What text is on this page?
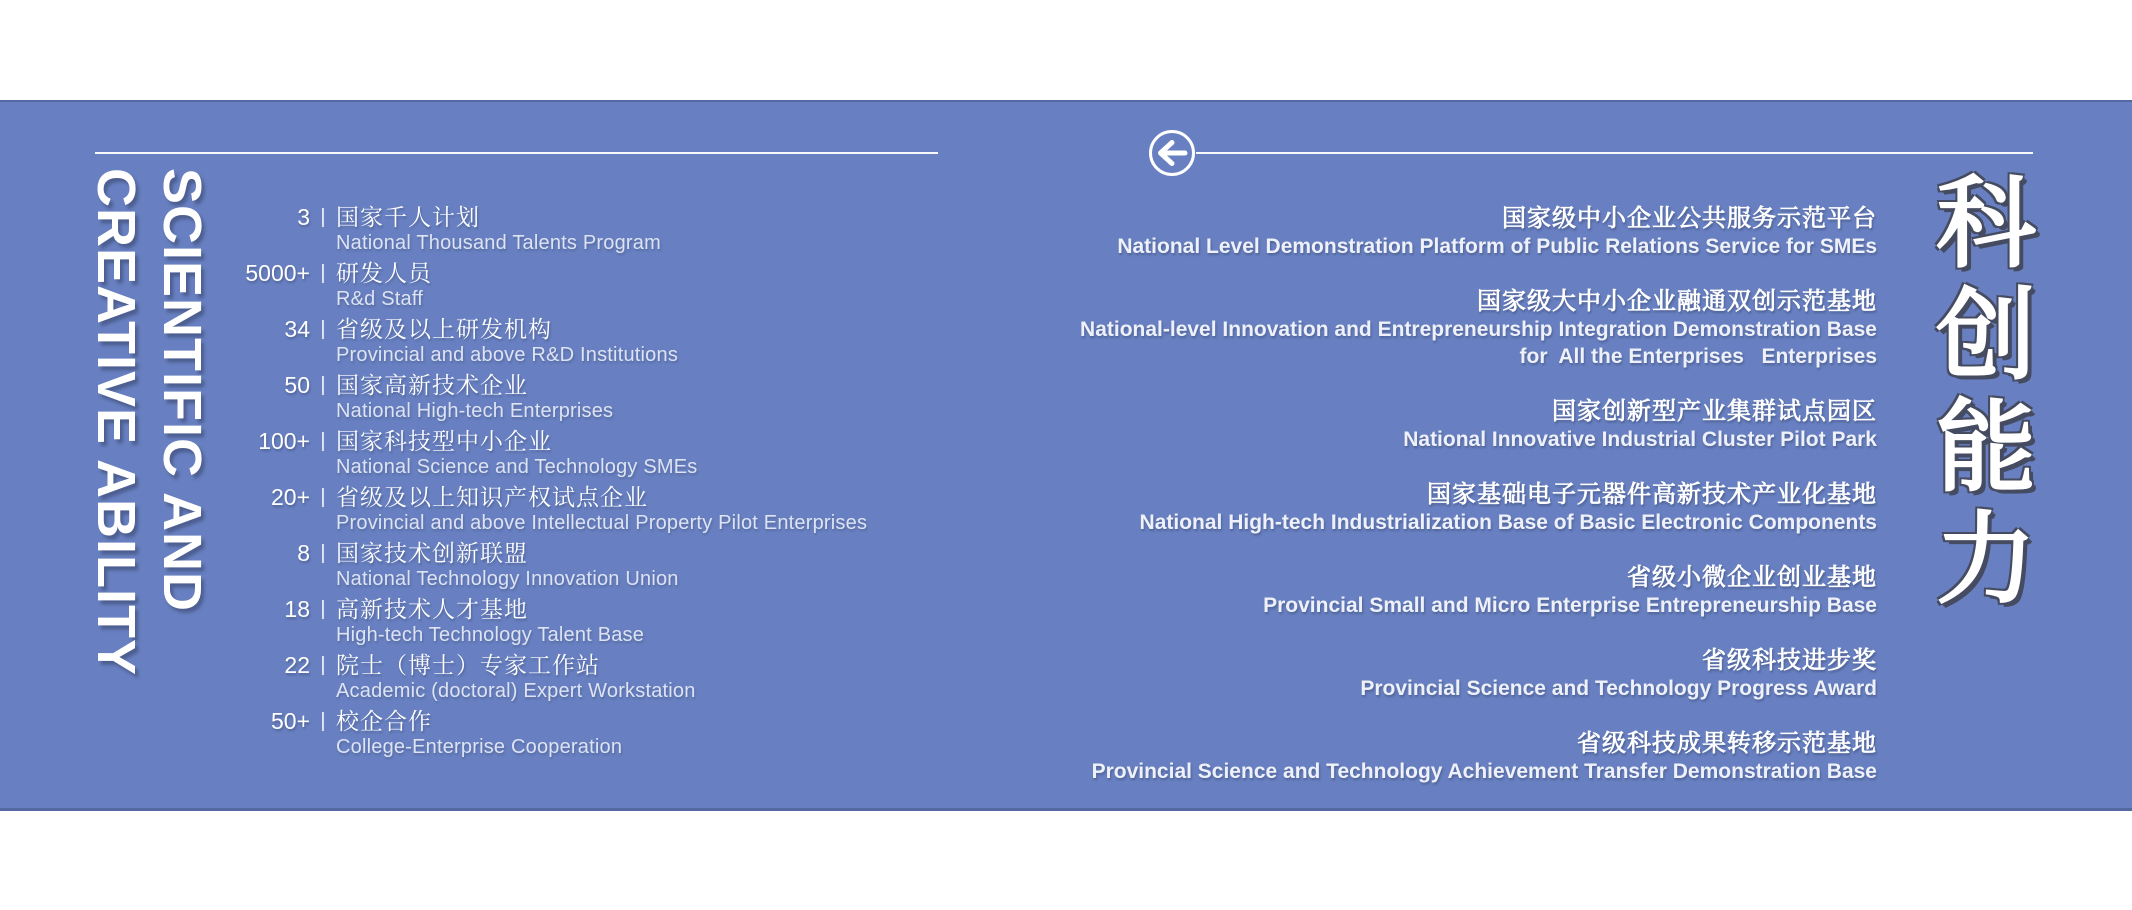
SCIENTIFIC AND
CREATIVE ABILITY	3 | 国家千人计划
National Thousand Talents Program
5000+ | 研发人员
R&d Staff
34 | 省级及以上研发机构
Provincial and above R&D Institutions
50 | 国家高新技术企业
National High-tech Enterprises
100+ | 国家科技型中小企业
National Science and Technology SMEs
20+ | 省级及以上知识产权试点企业
Provincial and above Intellectual Property Pilot Enterprises
8 | 国家技术创新联盟
National Technology Innovation Union
18 | 高新技术人才基地
High-tech Technology Talent Base
22 | 院士（博士）专家工作站
Academic (doctoral) Expert Workstation
50+ | 校企合作
College-Enterprise Cooperation
国家级中小企业公共服务示范平台
National Level Demonstration Platform of Public Relations Service for SMEs
国家级大中小企业融通双创示范基地
National-level Innovation and Entrepreneurship Integration Demonstration Base
for  All the Enterprises   Enterprises
国家创新型产业集群试点园区
National Innovative Industrial Cluster Pilot Park
国家基础电子元器件高新技术产业化基地
National High-tech Industrialization Base of Basic Electronic Components
省级小微企业创业基地
Provincial Small and Micro Enterprise Entrepreneurship Base
省级科技进步奖
Provincial Science and Technology Progress Award
省级科技成果转移示范基地
Provincial Science and Technology Achievement Transfer Demonstration Base
科
创
能
力
